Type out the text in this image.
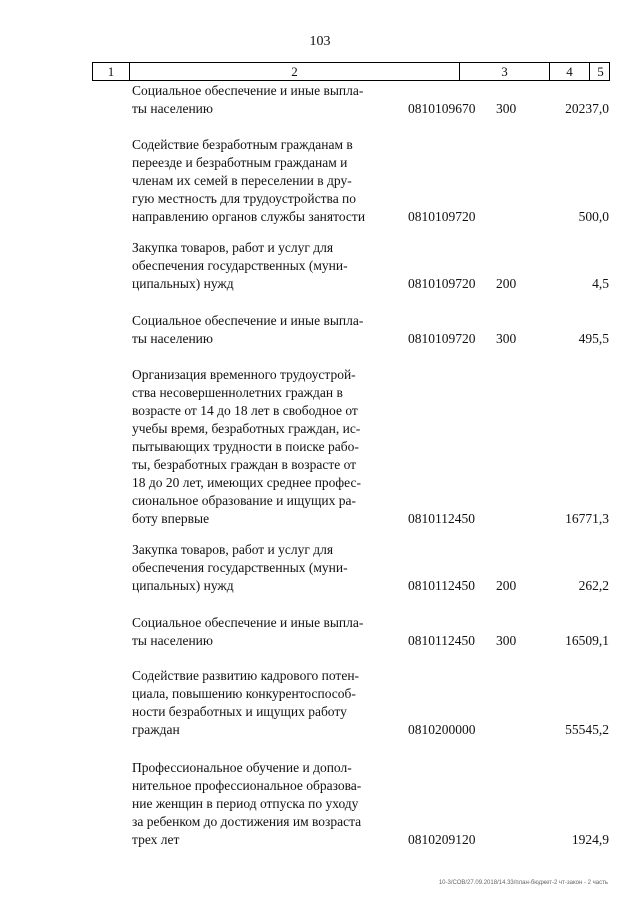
103
1	2	3	4	5
Социальное обеспечение и иные выпла-
ты населению	0810109670 300	20237,0
Содействие безработным гражданам в
переезде и безработным гражданам и
членам их семей в переселении в дру-
гую местность для трудоустройства по
направлению органов службы занятости	0810109720	500,0
Закупка товаров, работ и услуг для
обеспечения государственных (муни-
ципальных) нужд	0810109720 200	4,5
Социальное обеспечение и иные выпла-
ты населению	0810109720 300	495,5
Организация временного трудоустрой-
ства несовершеннолетних граждан в
возрасте от 14 до 18 лет в свободное от
учебы время, безработных граждан, ис-
пытывающих трудности в поиске рабо-
ты, безработных граждан в возрасте от
18 до 20 лет, имеющих среднее профес-
сиональное образование и ищущих ра-
боту впервые	0810112450	16771,3
Закупка товаров, работ и услуг для
обеспечения государственных (муни-
ципальных) нужд	0810112450 200	262,2
Социальное обеспечение и иные выпла-
ты населению	0810112450 300	16509,1
Содействие развитию кадрового потен-
циала, повышению конкурентоспособ-
ности безработных и ищущих работу
граждан	0810200000	55545,2
Профессиональное обучение и допол-
нительное профессиональное образова-
ние женщин в период отпуска по уходу
за ребенком до достижения им возраста
трех лет	0810209120	1924,9
10-3/СОВ/27.09.2018/14.33/план-бюджет-2 чт-закон - 2 часть
